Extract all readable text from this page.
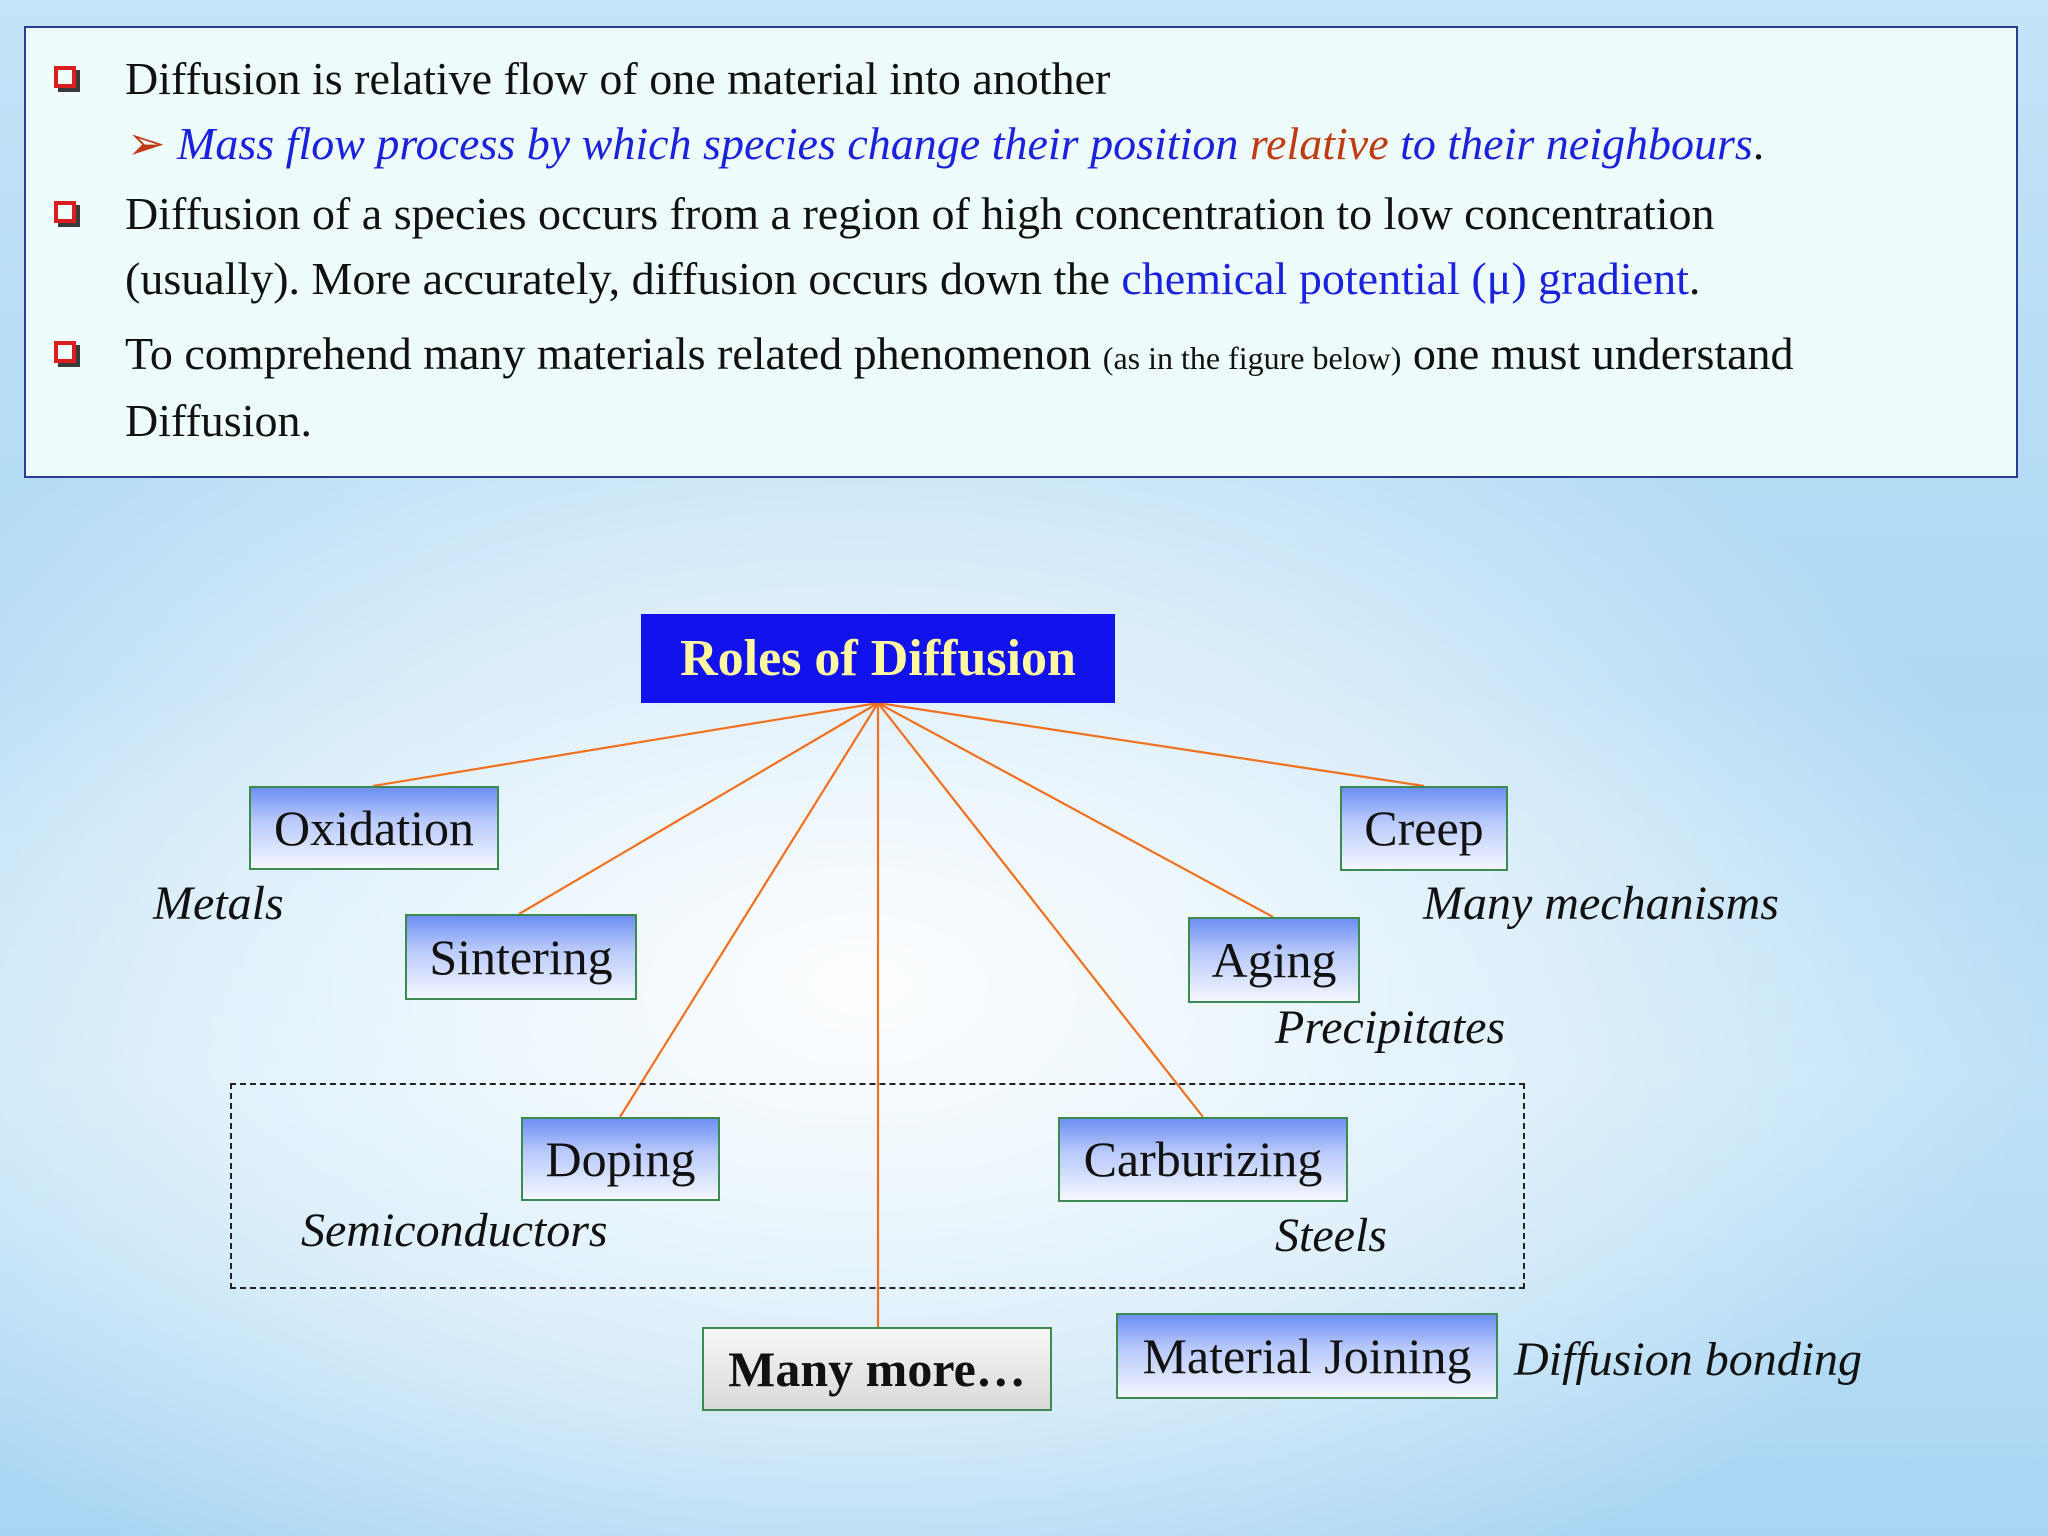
Diffusion is relative flow of one material into another
➢ Mass flow process by which species change their position relative to their neighbours.
Diffusion of a species occurs from a region of high concentration to low concentration
(usually). More accurately, diffusion occurs down the chemical potential (μ) gradient.
To comprehend many materials related phenomenon (as in the figure below) one must understand
Diffusion.
Roles of Diffusion
Oxidation
Sintering
Creep
Aging
Doping	Carburizing
Material Joining
Many more…
Metals	Many mechanisms
Precipitates
Semiconductors	Steels
Diffusion bonding
